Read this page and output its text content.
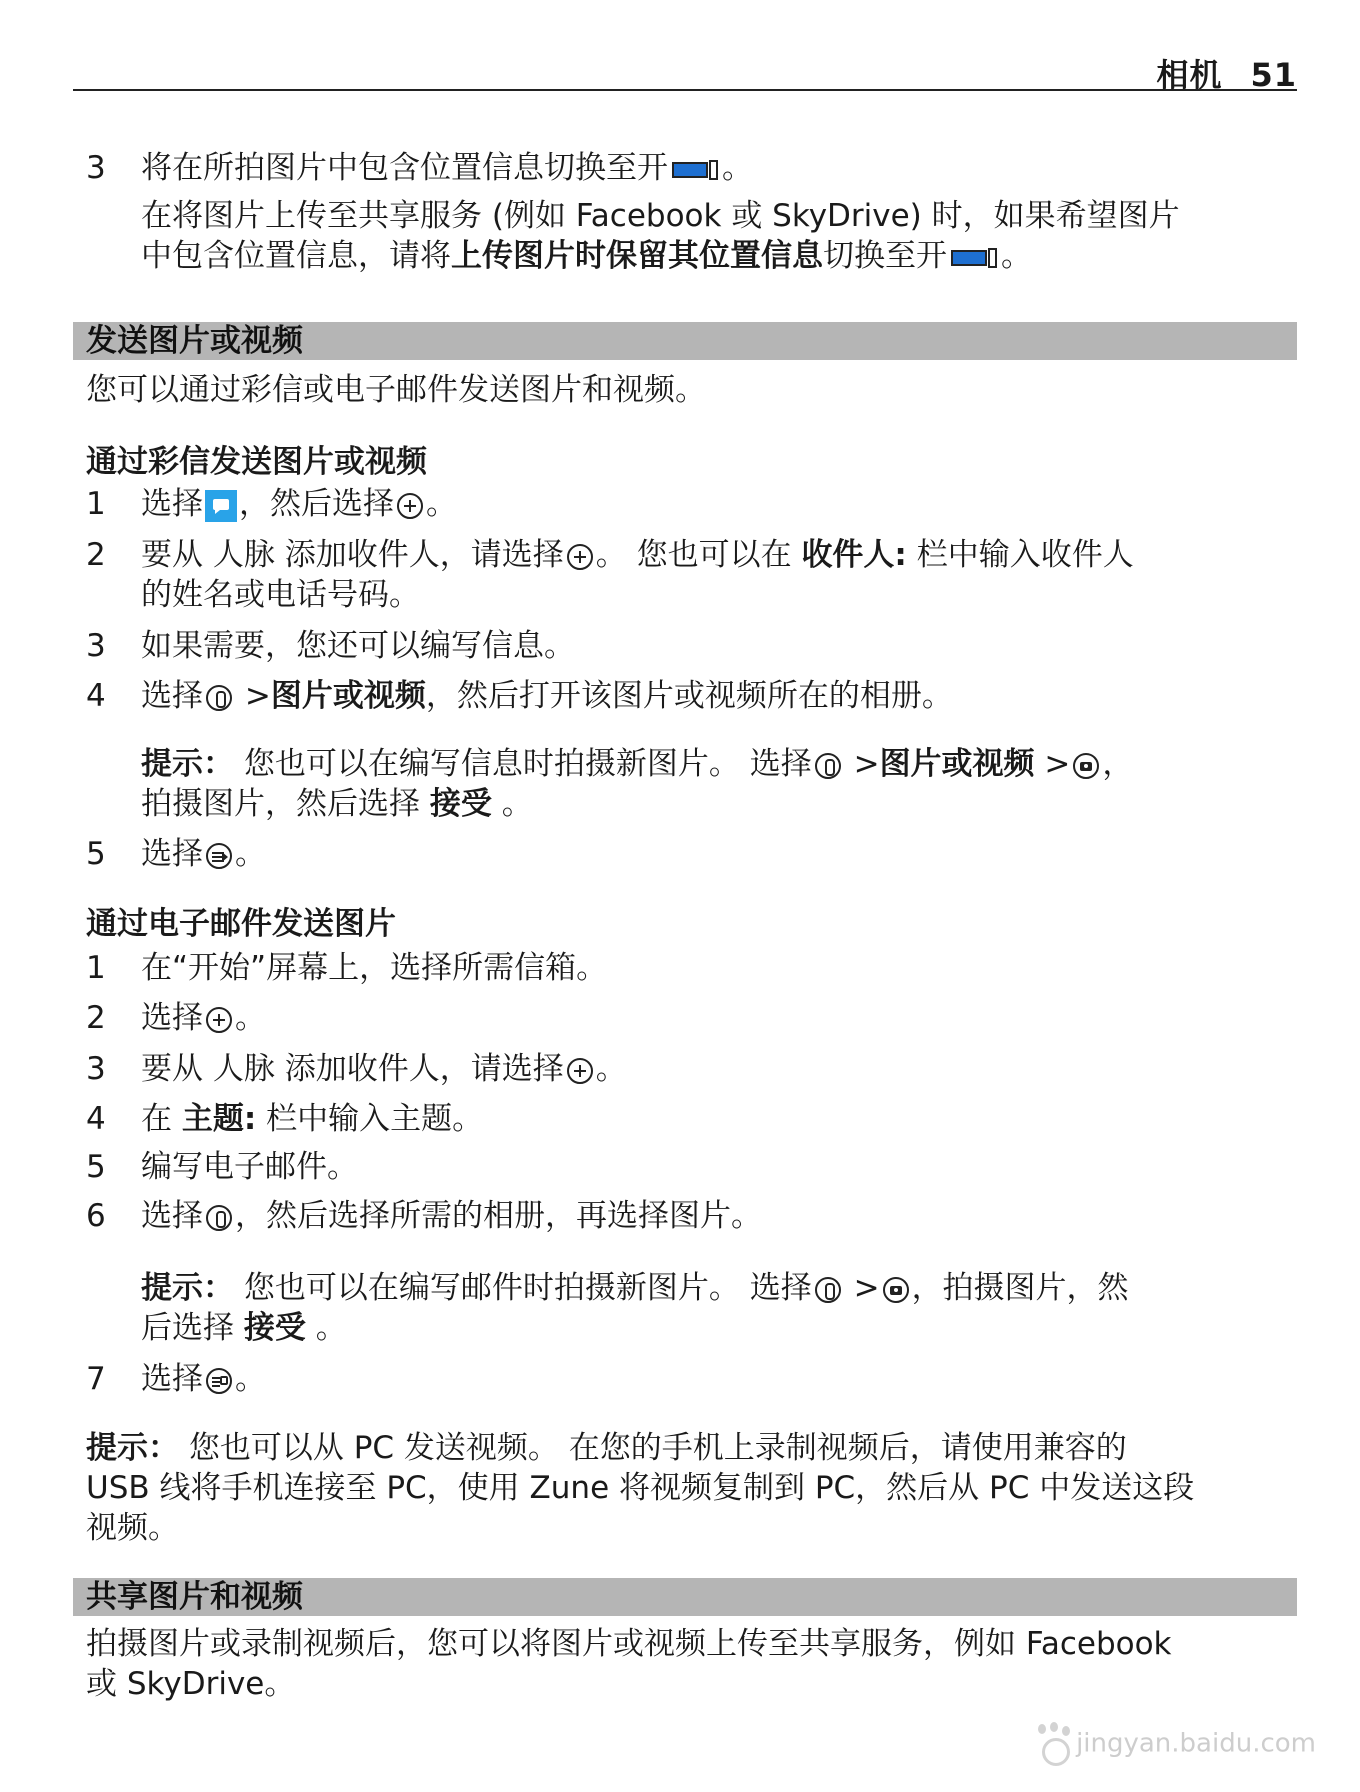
相机 51
3 将在所拍图片中包含位置信息切换至开 。
在将图片上传至共享服务 (例如 Facebook 或 SkyDrive) 时，如果希望图片
中包含位置信息，请将上传图片时保留其位置信息切换至开 。
发送图片或视频
您可以通过彩信或电子邮件发送图片和视频。
通过彩信发送图片或视频
1 选择 ，然后选择 。
2 要从 人脉 添加收件人，请选择 。 您也可以在 收件人: 栏中输入收件人
的姓名或电话号码。
3 如果需要，您还可以编写信息。
4 选择 >图片或视频，然后打开该图片或视频所在的相册。
提示： 您也可以在编写信息时拍摄新图片。 选择 >图片或视频 > ，
拍摄图片，然后选择 接受 。
5 选择 。
通过电子邮件发送图片
1 在“开始”屏幕上，选择所需信箱。
2 选择 。
3 要从 人脉 添加收件人，请选择 。
4 在 主题: 栏中输入主题。
5 编写电子邮件。
6 选择 ，然后选择所需的相册，再选择图片。
提示： 您也可以在编写邮件时拍摄新图片。 选择 > ，拍摄图片，然
后选择 接受 。
7 选择 。
提示： 您也可以从 PC 发送视频。 在您的手机上录制视频后，请使用兼容的
USB 线将手机连接至 PC，使用 Zune 将视频复制到 PC，然后从 PC 中发送这段
视频。
共享图片和视频
拍摄图片或录制视频后，您可以将图片或视频上传至共享服务，例如 Facebook
或 SkyDrive。
jingyan.baidu.com
